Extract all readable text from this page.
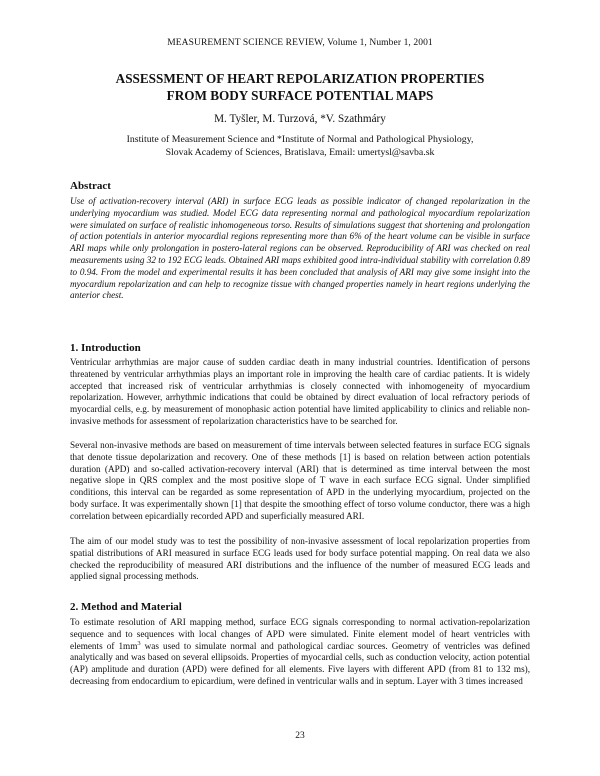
MEASUREMENT SCIENCE REVIEW, Volume 1, Number 1, 2001
ASSESSMENT OF HEART REPOLARIZATION PROPERTIES
FROM BODY SURFACE POTENTIAL MAPS
M. Tyšler, M. Turzová, *V. Szathmáry
Institute of Measurement Science and *Institute of Normal and Pathological Physiology,
Slovak Academy of Sciences, Bratislava, Email: umertysl@savba.sk
Abstract

Use of activation-recovery interval (ARI) in surface ECG leads as possible indicator of changed repolarization in the underlying myocardium was studied. Model ECG data representing normal and pathological myocardium repolarization were simulated on surface of realistic inhomogeneous torso. Results of simulations suggest that shortening and prolongation of action potentials in anterior myocardial regions representing more than 6% of the heart volume can be visible in surface ARI maps while only prolongation in postero-lateral regions can be observed. Reproducibility of ARI was checked on real measurements using 32 to 192 ECG leads. Obtained ARI maps exhibited good intra-individual stability with correlation 0.89 to 0.94. From the model and experimental results it has been concluded that analysis of ARI may give some insight into the myocardium repolarization and can help to recognize tissue with changed properties namely in heart regions underlying the anterior chest.

1. Introduction

Ventricular arrhythmias are major cause of sudden cardiac death in many industrial countries. Identification of persons threatened by ventricular arrhythmias plays an important role in improving the health care of cardiac patients. It is widely accepted that increased risk of ventricular arrhythmias is closely connected with inhomogeneity of myocardium repolarization. However, arrhythmic indications that could be obtained by direct evaluation of local refractory periods of myocardial cells, e.g. by measurement of monophasic action potential have limited applicability to clinics and reliable non-invasive methods for assessment of repolarization characteristics have to be searched for.

Several non-invasive methods are based on measurement of time intervals between selected features in surface ECG signals that denote tissue depolarization and recovery. One of these methods [1] is based on relation between action potentials duration (APD) and so-called activation-recovery interval (ARI) that is determined as time interval between the most negative slope in QRS complex and the most positive slope of T wave in each surface ECG signal. Under simplified conditions, this interval can be regarded as some representation of APD in the underlying myocardium, projected on the body surface. It was experimentally shown [1] that despite the smoothing effect of torso volume conductor, there was a high correlation between epicardially recorded APD and superficially measured ARI.

The aim of our model study was to test the possibility of non-invasive assessment of local repolarization properties from spatial distributions of ARI measured in surface ECG leads used for body surface potential mapping. On real data we also checked the reproducibility of measured ARI distributions and the influence of the number of measured ECG leads and applied signal processing methods.

2. Method and Material

To estimate resolution of ARI mapping method, surface ECG signals corresponding to normal activation-repolarization sequence and to sequences with local changes of APD were simulated. Finite element model of heart ventricles with elements of $1mm^3$ was used to simulate normal and pathological cardiac sources. Geometry of ventricles was defined analytically and was based on several ellipsoids. Properties of myocardial cells, such as conduction velocity, action potential (AP) amplitude and duration (APD) were defined for all elements. Five layers with different APD (from 81 to 132 ms), decreasing from endocardium to epicardium, were defined in ventricular walls and in septum. Layer with 3 times increased

23
